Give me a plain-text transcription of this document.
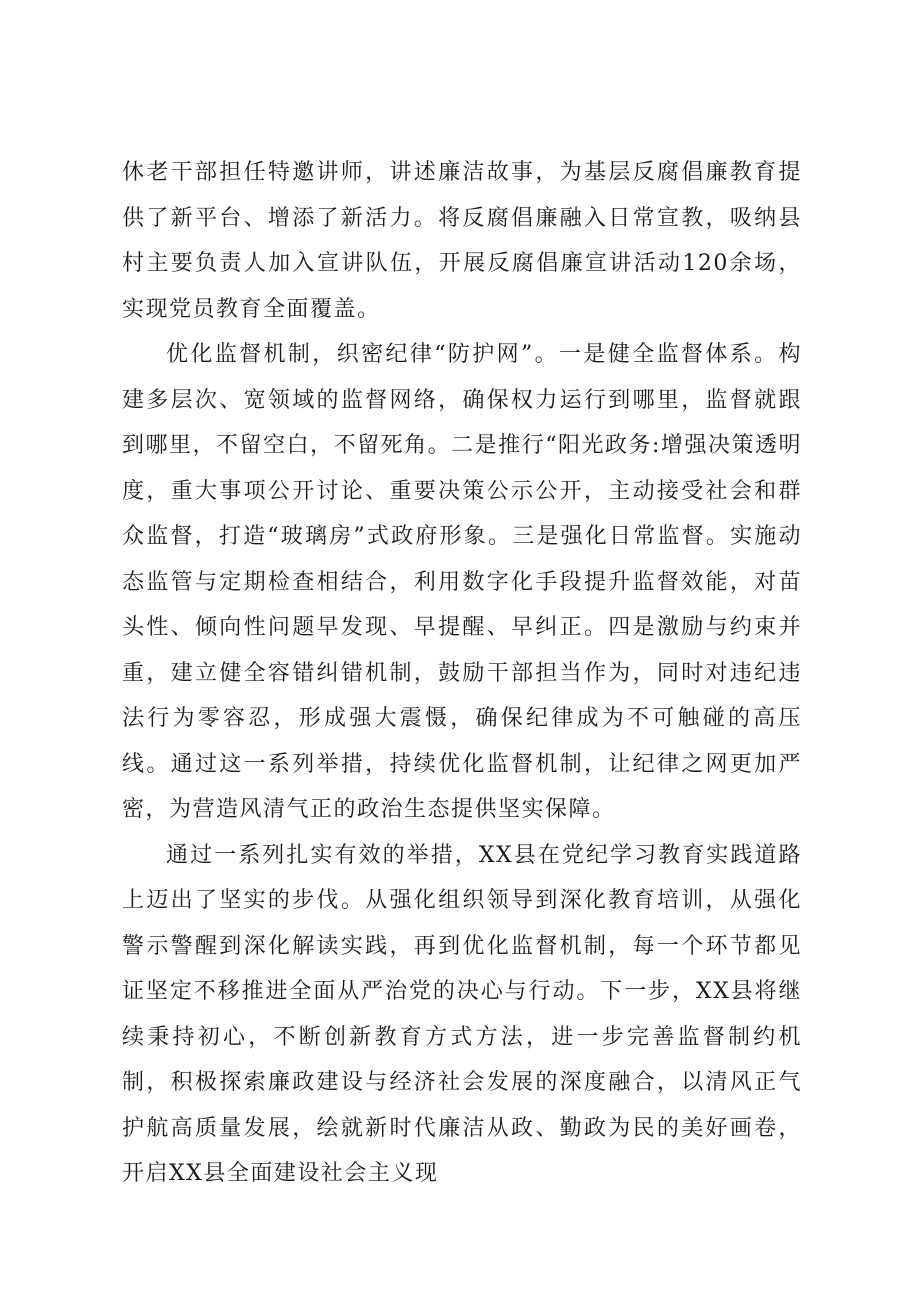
休老干部担任特邀讲师，讲述廉洁故事，为基层反腐倡廉教育提供了新平台、增添了新活力。将反腐倡廉融入日常宣教，吸纳县村主要负责人加入宣讲队伍，开展反腐倡廉宣讲活动120余场，实现党员教育全面覆盖。

优化监督机制，织密纪律“防护网”。一是健全监督体系。构建多层次、宽领域的监督网络，确保权力运行到哪里，监督就跟到哪里，不留空白，不留死角。二是推行“阳光政务:增强决策透明度，重大事项公开讨论、重要决策公示公开，主动接受社会和群众监督，打造“玻璃房”式政府形象。三是强化日常监督。实施动态监管与定期检查相结合，利用数字化手段提升监督效能，对苗头性、倾向性问题早发现、早提醒、早纠正。四是激励与约束并重，建立健全容错纠错机制，鼓励干部担当作为，同时对违纪违法行为零容忍，形成强大震慑，确保纪律成为不可触碰的高压线。通过这一系列举措，持续优化监督机制，让纪律之网更加严密，为营造风清气正的政治生态提供坚实保障。

通过一系列扎实有效的举措，XX县在党纪学习教育实践道路上迈出了坚实的步伐。从强化组织领导到深化教育培训，从强化警示警醒到深化解读实践，再到优化监督机制，每一个环节都见证坚定不移推进全面从严治党的决心与行动。下一步，XX县将继续秉持初心，不断创新教育方式方法，进一步完善监督制约机制，积极探索廉政建设与经济社会发展的深度融合，以清风正气护航高质量发展，绘就新时代廉洁从政、勤政为民的美好画卷，开启XX县全面建设社会主义现
